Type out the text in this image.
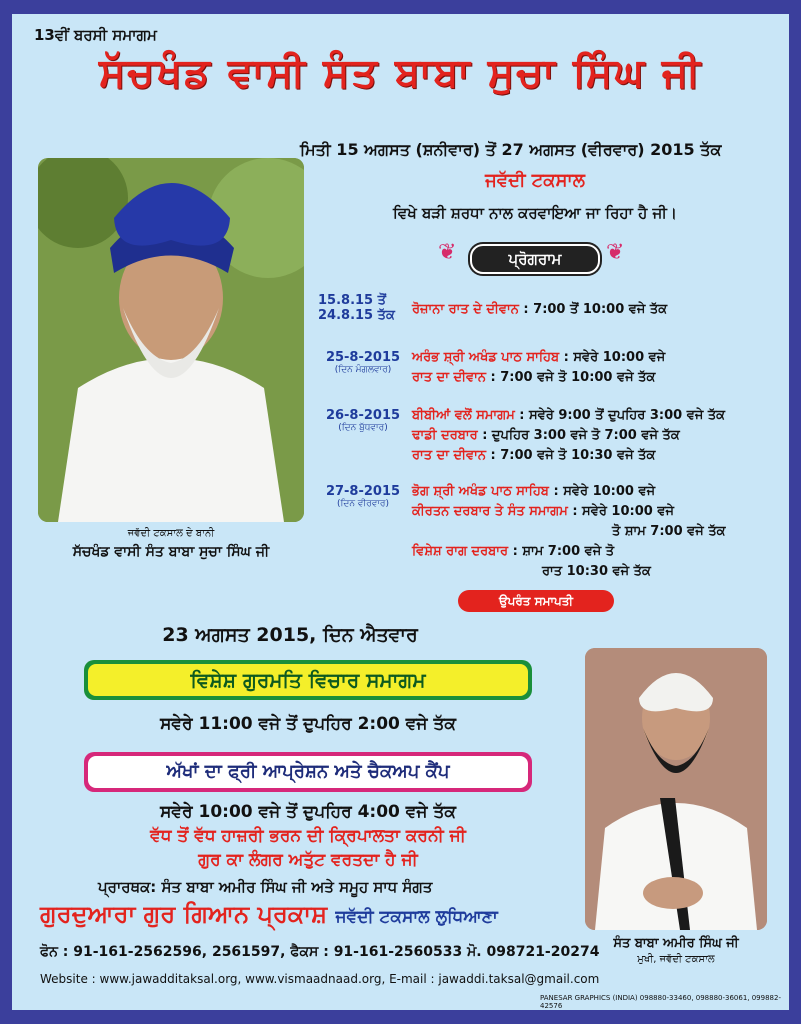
13ਵੀਂ ਬਰਸੀ ਸਮਾਗਮ
ਸੱਚਖੰਡ ਵਾਸੀ ਸੰਤ ਬਾਬਾ ਸੁਚਾ ਸਿੰਘ ਜੀ
ਮਿਤੀ 15 ਅਗਸਤ (ਸ਼ਨੀਵਾਰ) ਤੋਂ 27 ਅਗਸਤ (ਵੀਰਵਾਰ) 2015 ਤੱਕ
ਜਵੱਦੀ ਟਕਸਾਲ
ਵਿਖੇ ਬੜੀ ਸ਼ਰਧਾ ਨਾਲ ਕਰਵਾਇਆ ਜਾ ਰਿਹਾ ਹੈ ਜੀ।
ਜਵੱਦੀ ਟਕਸਾਲ ਦੇ ਬਾਨੀ
ਸੱਚਖੰਡ ਵਾਸੀ ਸੰਤ ਬਾਬਾ ਸੁਚਾ ਸਿੰਘ ਜੀ
❦	ਪ੍ਰੋਗਰਾਮ	❦
15.8.15 ਤੋਂ
24.8.15 ਤੱਕ	ਰੋਜ਼ਾਨਾ ਰਾਤ ਦੇ ਦੀਵਾਨ : 7:00 ਤੋਂ 10:00 ਵਜੇ ਤੱਕ
25-8-2015
(ਦਿਨ ਮੰਗਲਵਾਰ)
ਅਰੰਭ ਸ਼੍ਰੀ ਅਖੰਡ ਪਾਠ ਸਾਹਿਬ : ਸਵੇਰੇ 10:00 ਵਜੇ
ਰਾਤ ਦਾ ਦੀਵਾਨ : 7:00 ਵਜੇ ਤੋ 10:00 ਵਜੇ ਤੱਕ
26-8-2015
(ਦਿਨ ਬੁੱਧਵਾਰ)
ਬੀਬੀਆਂ ਵਲੋਂ ਸਮਾਗਮ : ਸਵੇਰੇ 9:00 ਤੋਂ ਦੁਪਹਿਰ 3:00 ਵਜੇ ਤੱਕ
ਢਾਡੀ ਦਰਬਾਰ : ਦੁਪਹਿਰ 3:00 ਵਜੇ ਤੋ 7:00 ਵਜੇ ਤੱਕ
ਰਾਤ ਦਾ ਦੀਵਾਨ : 7:00 ਵਜੇ ਤੋ 10:30 ਵਜੇ ਤੱਕ
27-8-2015
(ਦਿਨ ਵੀਰਵਾਰ)
ਭੋਗ ਸ਼੍ਰੀ ਅਖੰਡ ਪਾਠ ਸਾਹਿਬ : ਸਵੇਰੇ 10:00 ਵਜੇ
ਕੀਰਤਨ ਦਰਬਾਰ ਤੇ ਸੰਤ ਸਮਾਗਮ : ਸਵੇਰੇ 10:00 ਵਜੇ
ਤੋ ਸ਼ਾਮ 7:00 ਵਜੇ ਤੱਕ
ਵਿਸ਼ੇਸ਼ ਰਾਗ ਦਰਬਾਰ : ਸ਼ਾਮ 7:00 ਵਜੇ ਤੋ
ਰਾਤ 10:30 ਵਜੇ ਤੱਕ
ਉਪਰੰਤ ਸਮਾਪਤੀ
23 ਅਗਸਤ 2015, ਦਿਨ ਐਤਵਾਰ
ਵਿਸ਼ੇਸ਼ ਗੁਰਮਤਿ ਵਿਚਾਰ ਸਮਾਗਮ
ਸਵੇਰੇ 11:00 ਵਜੇ ਤੋਂ ਦੁਪਹਿਰ 2:00 ਵਜੇ ਤੱਕ
ਅੱਖਾਂ ਦਾ ਫ੍ਰੀ ਆਪ੍ਰੇਸ਼ਨ ਅਤੇ ਚੈਕਅਪ ਕੈਂਪ
ਸਵੇਰੇ 10:00 ਵਜੇ ਤੋਂ ਦੁਪਹਿਰ 4:00 ਵਜੇ ਤੱਕ
ਵੱਧ ਤੋਂ ਵੱਧ ਹਾਜ਼ਰੀ ਭਰਨ ਦੀ ਕ੍ਰਿਪਾਲਤਾ ਕਰਨੀ ਜੀ
ਗੁਰ ਕਾ ਲੰਗਰ ਅਤੁੱਟ ਵਰਤਦਾ ਹੈ ਜੀ
ਸੰਤ ਬਾਬਾ ਅਮੀਰ ਸਿੰਘ ਜੀ
ਮੁਖੀ, ਜਵੱਦੀ ਟਕਸਾਲ
ਪ੍ਰਾਰਥਕ: ਸੰਤ ਬਾਬਾ ਅਮੀਰ ਸਿੰਘ ਜੀ ਅਤੇ ਸਮੂਹ ਸਾਧ ਸੰਗਤ
ਗੁਰਦੁਆਰਾ ਗੁਰ ਗਿਆਨ ਪ੍ਰਕਾਸ਼ ਜਵੱਦੀ ਟਕਸਾਲ ਲੁਧਿਆਣਾ
ਫੋਨ : 91-161-2562596, 2561597, ਫੈਕਸ : 91-161-2560533 ਮੋ. 098721-20274
Website : www.jawadditaksal.org, www.vismaadnaad.org, E-mail : jawaddi.taksal@gmail.com
PANESAR GRAPHICS (INDIA) 098880-33460, 098880-36061, 099882-42576
